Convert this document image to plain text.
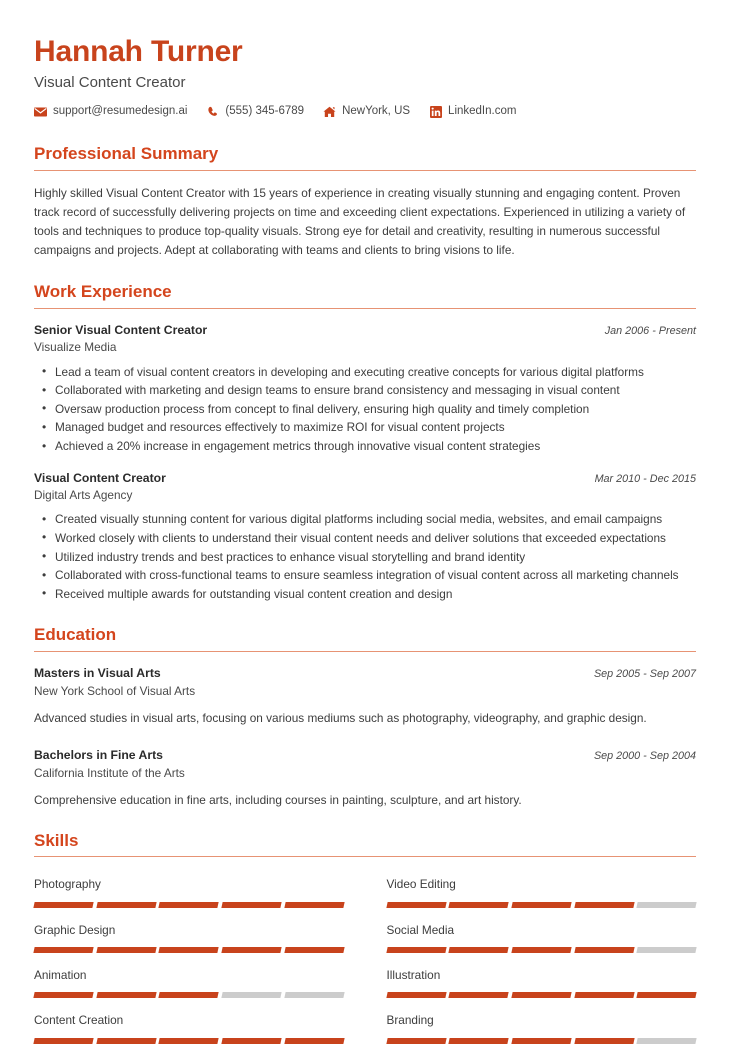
Hannah Turner
Visual Content Creator
support@resumedesign.ai	(555) 345-6789	NewYork, US	LinkedIn.com
Professional Summary

Highly skilled Visual Content Creator with 15 years of experience in creating visually stunning and engaging content. Proven track record of successfully delivering projects on time and exceeding client expectations. Experienced in utilizing a variety of tools and techniques to produce top-quality visuals. Strong eye for detail and creativity, resulting in numerous successful campaigns and projects. Adept at collaborating with teams and clients to bring visions to life.

Work Experience
Senior Visual Content Creator	Jan 2006 - Present
Visualize Media
• Lead a team of visual content creators in developing and executing creative concepts for various digital platforms
• Collaborated with marketing and design teams to ensure brand consistency and messaging in visual content
• Oversaw production process from concept to final delivery, ensuring high quality and timely completion
• Managed budget and resources effectively to maximize ROI for visual content projects
• Achieved a 20% increase in engagement metrics through innovative visual content strategies
Visual Content Creator	Mar 2010 - Dec 2015
Digital Arts Agency
• Created visually stunning content for various digital platforms including social media, websites, and email campaigns
• Worked closely with clients to understand their visual content needs and deliver solutions that exceeded expectations
• Utilized industry trends and best practices to enhance visual storytelling and brand identity
• Collaborated with cross-functional teams to ensure seamless integration of visual content across all marketing channels
• Received multiple awards for outstanding visual content creation and design
Education
Masters in Visual Arts	Sep 2005 - Sep 2007
New York School of Visual Arts
Advanced studies in visual arts, focusing on various mediums such as photography, videography, and graphic design.
Bachelors in Fine Arts	Sep 2000 - Sep 2004
California Institute of the Arts
Comprehensive education in fine arts, including courses in painting, sculpture, and art history.
Skills
Photography	Video Editing
Graphic Design	Social Media
Animation	Illustration
Content Creation	Branding
